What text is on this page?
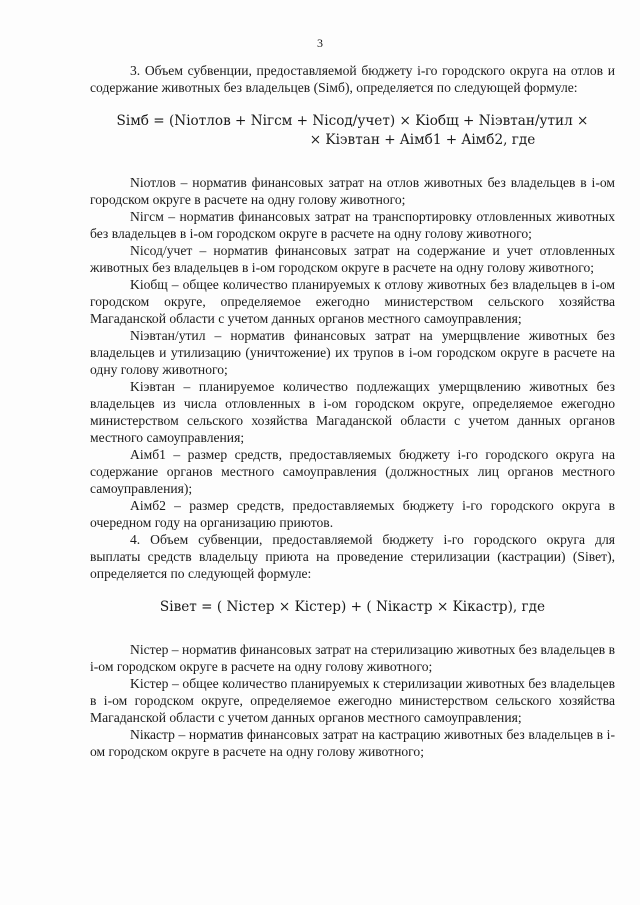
3

3. Объем субвенции, предоставляемой бюджету i-го городского округа на отлов и содержание животных без владельцев (Siмб), определяется по следующей формуле:

Siмб = (Niотлов + Niгсм + Niсод/учет) × Kiобщ + Niэвтан/утил ×
× Kiэвтан + Aiмб1 + Aiмб2, где

Niотлов – норматив финансовых затрат на отлов животных без владельцев в i-ом городском округе в расчете на одну голову животного;

Niгсм – норматив финансовых затрат на транспортировку отловленных животных без владельцев в i-ом городском округе в расчете на одну голову животного;

Niсод/учет – норматив финансовых затрат на содержание и учет отловленных животных без владельцев в i-ом городском округе в расчете на одну голову животного;

Kiобщ – общее количество планируемых к отлову животных без владельцев в i-ом городском округе, определяемое ежегодно министерством сельского хозяйства Магаданской области с учетом данных органов местного самоуправления;

Niэвтан/утил – норматив финансовых затрат на умерщвление животных без владельцев и утилизацию (уничтожение) их трупов в i-ом городском округе в расчете на одну голову животного;

Kiэвтан – планируемое количество подлежащих умерщвлению животных без владельцев из числа отловленных в i-ом городском округе, определяемое ежегодно министерством сельского хозяйства Магаданской области с учетом данных органов местного самоуправления;

Aiмб1 – размер средств, предоставляемых бюджету i-го городского округа на содержание органов местного самоуправления (должностных лиц органов местного самоуправления);

Aiмб2 – размер средств, предоставляемых бюджету i-го городского округа в очередном году на организацию приютов.

4. Объем субвенции, предоставляемой бюджету i-го городского округа для выплаты средств владельцу приюта на проведение стерилизации (кастрации) (Siвет), определяется по следующей формуле:

Siвет = ( Niстер × Kiстер) + ( Niкастр × Kiкастр), где

Niстер – норматив финансовых затрат на стерилизацию животных без владельцев в i-ом городском округе в расчете на одну голову животного;

Kiстер – общее количество планируемых к стерилизации животных без владельцев в i-ом городском округе, определяемое ежегодно министерством сельского хозяйства Магаданской области с учетом данных органов местного самоуправления;

Niкастр – норматив финансовых затрат на кастрацию животных без владельцев в i-ом городском округе в расчете на одну голову животного;
